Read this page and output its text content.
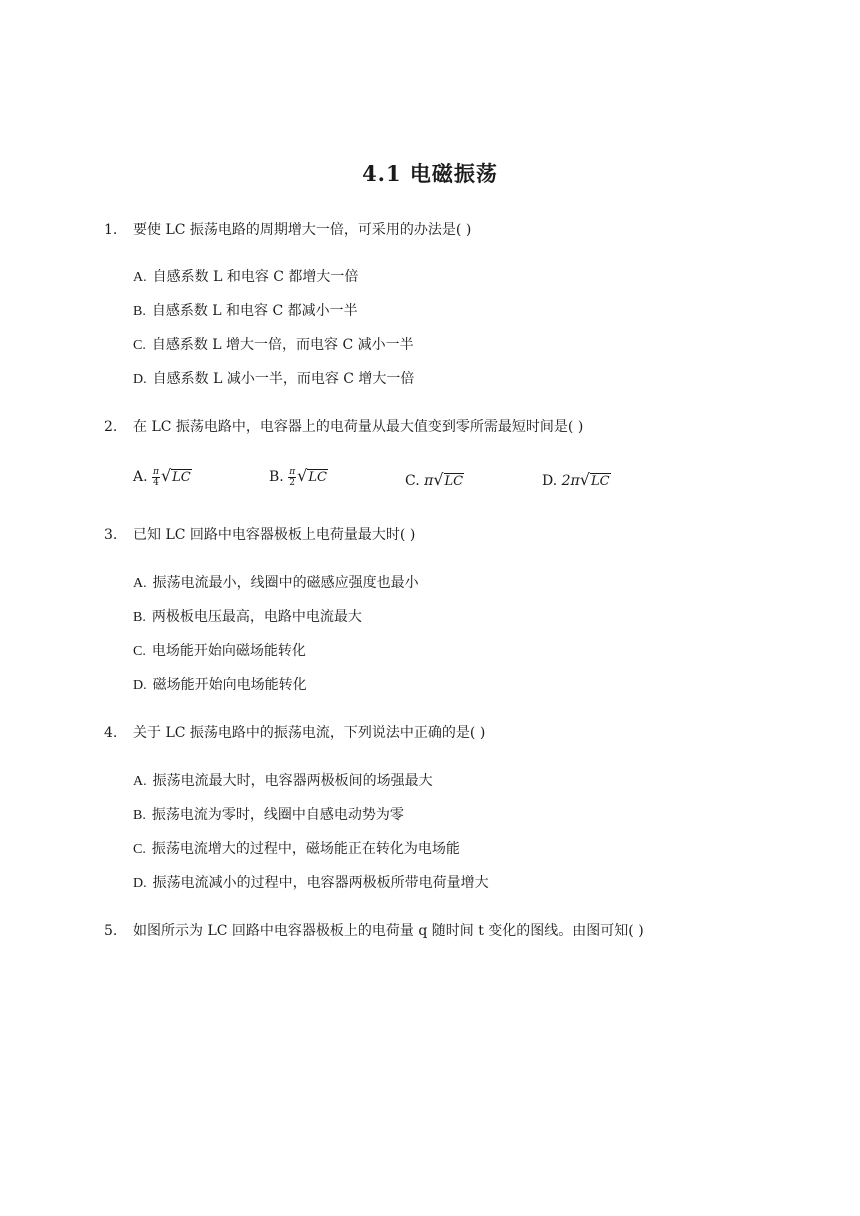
4.1 电磁振荡
1. 要使 LC 振荡电路的周期增大一倍，可采用的办法是( )
A. 自感系数 L 和电容 C 都增大一倍
B. 自感系数 L 和电容 C 都减小一半
C. 自感系数 L 增大一倍，而电容 C 减小一半
D. 自感系数 L 减小一半，而电容 C 增大一倍
2. 在 LC 振荡电路中，电容器上的电荷量从最大值变到零所需最短时间是( )
A. $\frac{\pi}{4} √LC$	B. $\frac{\pi}{2} √LC$	C. π√LC	D. 2π√LC
3. 已知 LC 回路中电容器极板上电荷量最大时( )
A. 振荡电流最小，线圈中的磁感应强度也最小
B. 两极板电压最高，电路中电流最大
C. 电场能开始向磁场能转化
D. 磁场能开始向电场能转化
4. 关于 LC 振荡电路中的振荡电流，下列说法中正确的是( )
A. 振荡电流最大时，电容器两极板间的场强最大
B. 振荡电流为零时，线圈中自感电动势为零
C. 振荡电流增大的过程中，磁场能正在转化为电场能
D. 振荡电流减小的过程中，电容器两极板所带电荷量增大
5. 如图所示为 LC 回路中电容器极板上的电荷量 q 随时间 t 变化的图线。由图可知( )
